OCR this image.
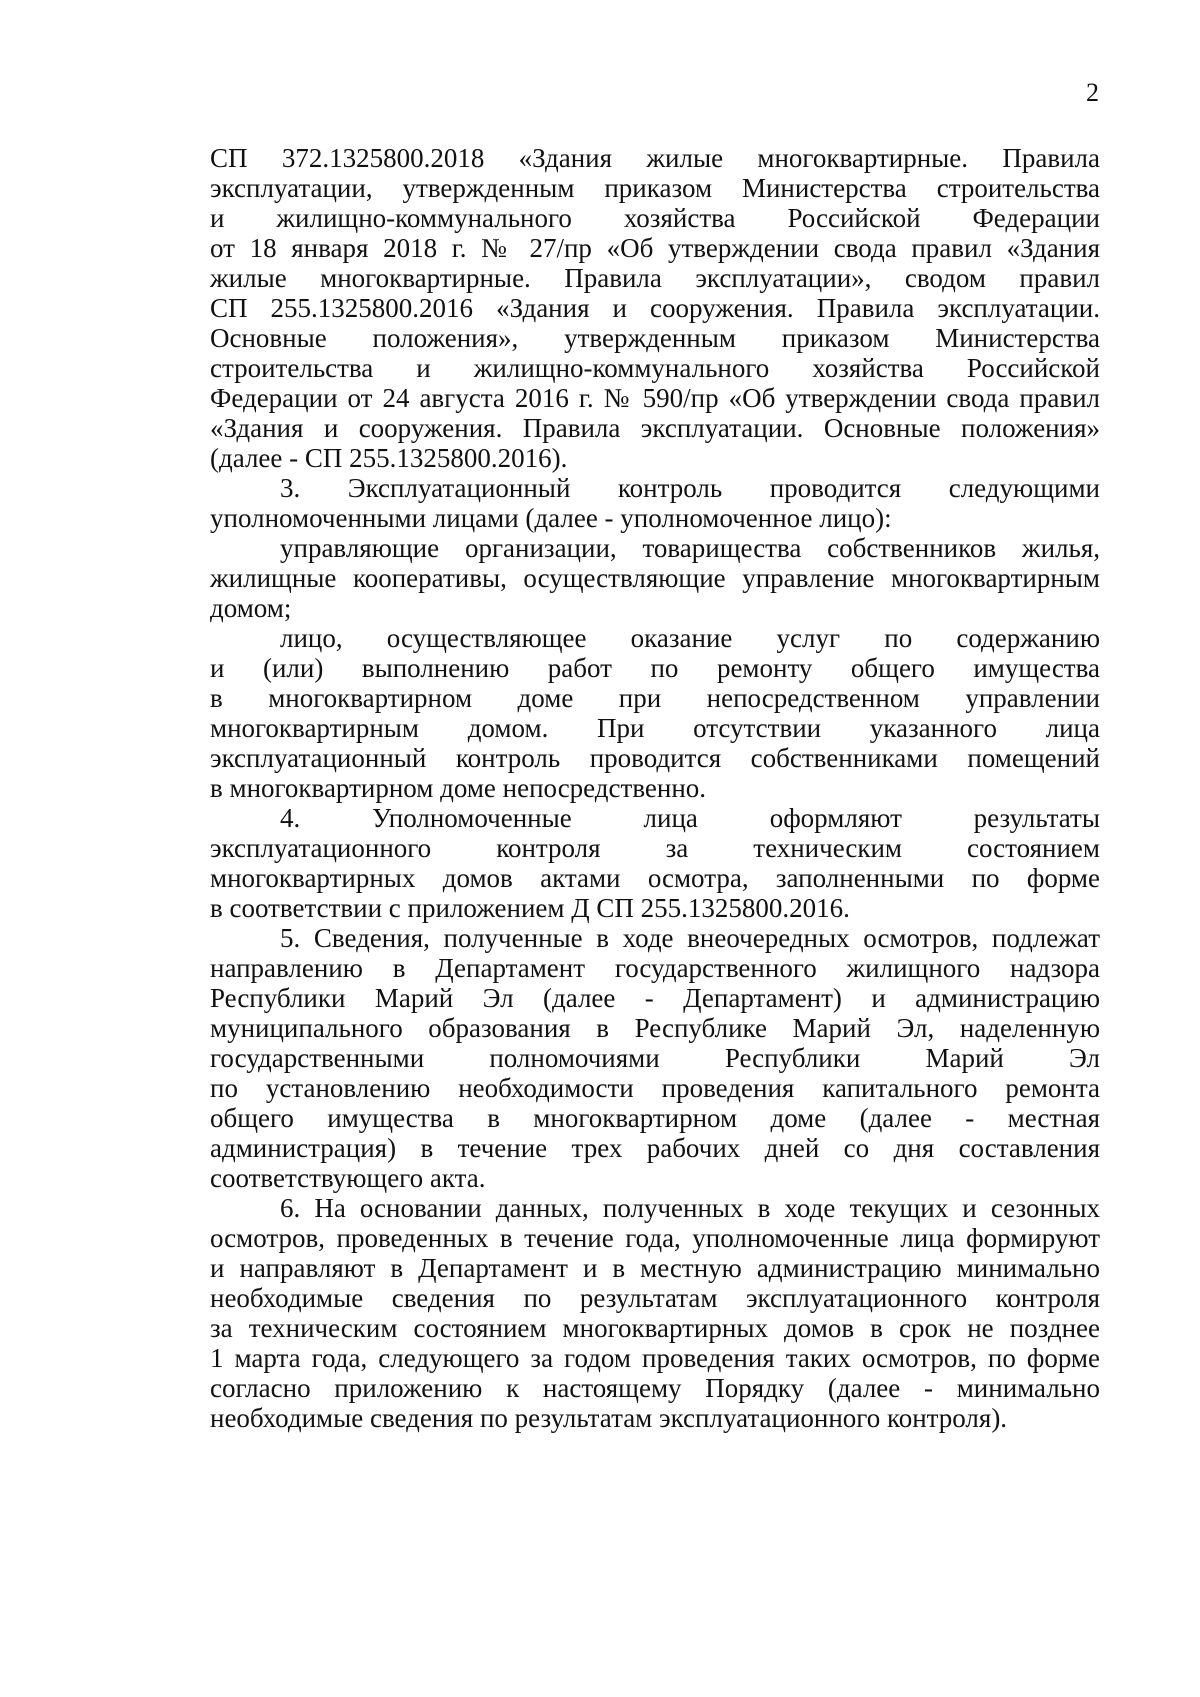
2
СП 372.1325800.2018 «Здания жилые многоквартирные. Правила
эксплуатации, утвержденным приказом Министерства строительства
и жилищно-коммунального хозяйства Российской Федерации
от 18 января 2018 г. № 27/пр «Об утверждении свода правил «Здания
жилые многоквартирные. Правила эксплуатации», сводом правил
СП 255.1325800.2016 «Здания и сооружения. Правила эксплуатации.
Основные положения», утвержденным приказом Министерства
строительства и жилищно-коммунального хозяйства Российской
Федерации от 24 августа 2016 г. № 590/пр «Об утверждении свода правил
«Здания и сооружения. Правила эксплуатации. Основные положения»
(далее - СП 255.1325800.2016).
3. Эксплуатационный контроль проводится следующими
уполномоченными лицами (далее - уполномоченное лицо):
управляющие организации, товарищества собственников жилья,
жилищные кооперативы, осуществляющие управление многоквартирным
домом;
лицо, осуществляющее оказание услуг по содержанию
и (или) выполнению работ по ремонту общего имущества
в многоквартирном доме при непосредственном управлении
многоквартирным домом. При отсутствии указанного лица
эксплуатационный контроль проводится собственниками помещений
в многоквартирном доме непосредственно.
4. Уполномоченные лица оформляют результаты
эксплуатационного контроля за техническим состоянием
многоквартирных домов актами осмотра, заполненными по форме
в соответствии с приложением Д СП 255.1325800.2016.
5. Сведения, полученные в ходе внеочередных осмотров, подлежат
направлению в Департамент государственного жилищного надзора
Республики Марий Эл (далее - Департамент) и администрацию
муниципального образования в Республике Марий Эл, наделенную
государственными полномочиями Республики Марий Эл
по установлению необходимости проведения капитального ремонта
общего имущества в многоквартирном доме (далее - местная
администрация) в течение трех рабочих дней со дня составления
соответствующего акта.
6. На основании данных, полученных в ходе текущих и сезонных
осмотров, проведенных в течение года, уполномоченные лица формируют
и направляют в Департамент и в местную администрацию минимально
необходимые сведения по результатам эксплуатационного контроля
за техническим состоянием многоквартирных домов в срок не позднее
1 марта года, следующего за годом проведения таких осмотров, по форме
согласно приложению к настоящему Порядку (далее - минимально
необходимые сведения по результатам эксплуатационного контроля).
